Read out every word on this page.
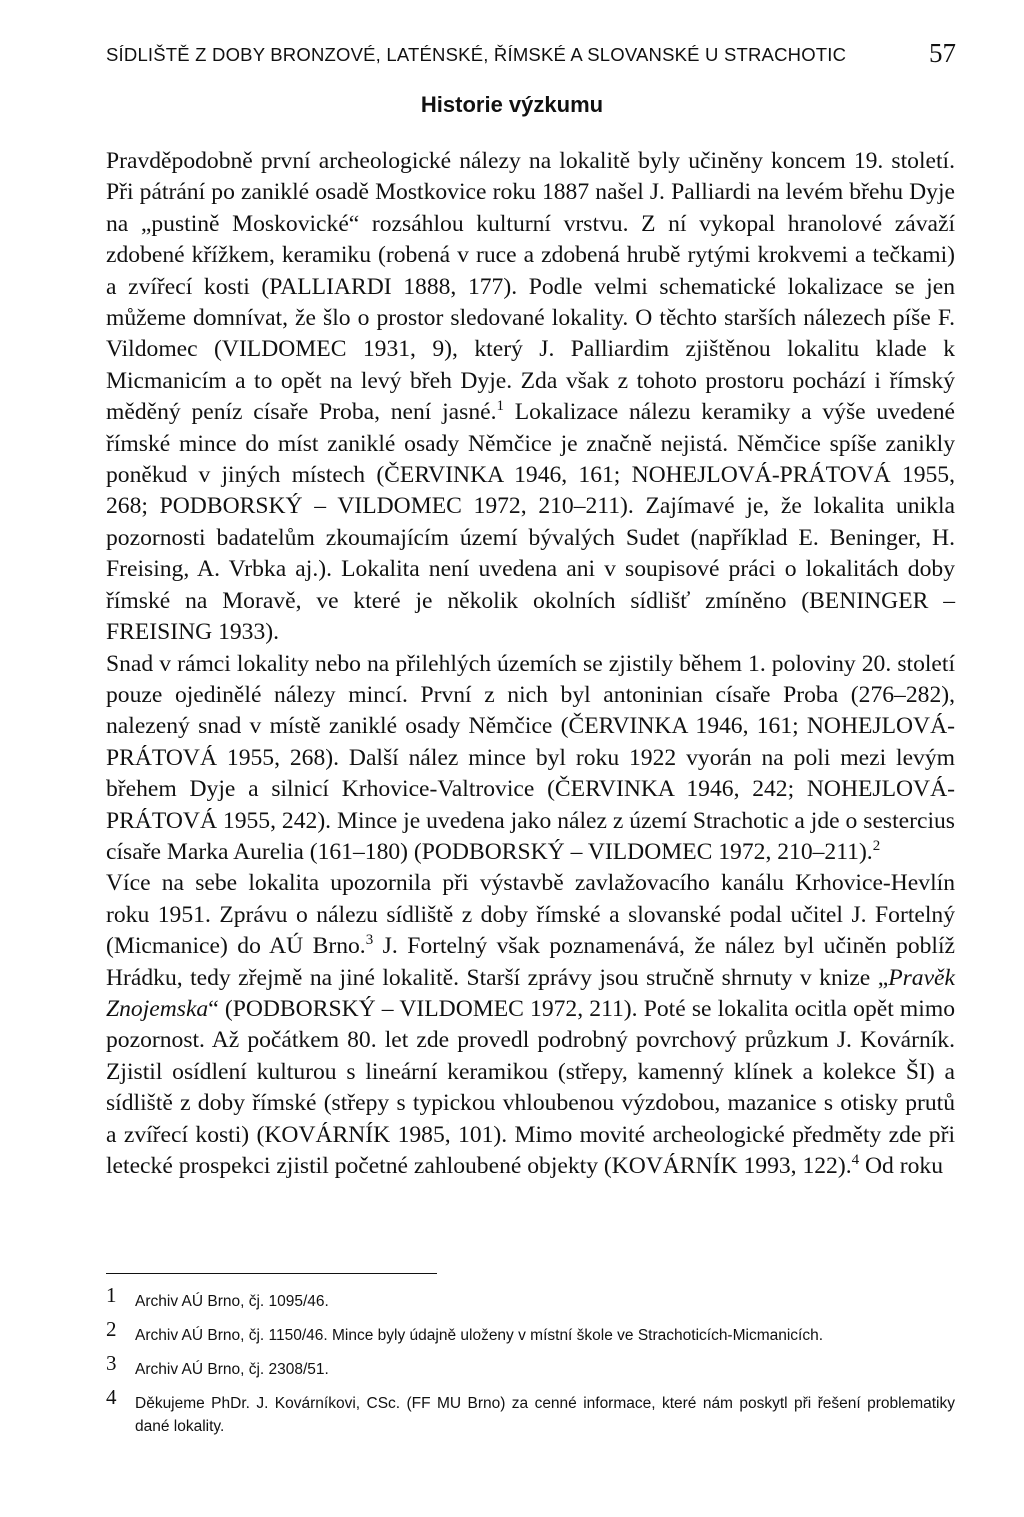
SÍDLIŠTĚ Z DOBY BRONZOVÉ, LATÉNSKÉ, ŘÍMSKÉ A SLOVANSKÉ U STRACHOTIC	57
Historie výzkumu

Pravděpodobně první archeologické nálezy na lokalitě byly učiněny koncem 19. století. Při pátrání po zaniklé osadě Mostkovice roku 1887 našel J. Palliardi na levém břehu Dyje na „pustině Moskovické“ rozsáhlou kulturní vrstvu. Z ní vykopal hranolové závaží zdobené křížkem, keramiku (robená v ruce a zdobená hrubě rytými krokvemi a tečkami) a zvířecí kosti (PALLIARDI 1888, 177). Podle velmi schematické lokalizace se jen můžeme domnívat, že šlo o prostor sledované lokality. O těchto starších nálezech píše F. Vildomec (VILDOMEC 1931, 9), který J. Palliardim zjištěnou lokalitu klade k Micmanicím a to opět na levý břeh Dyje. Zda však z tohoto prostoru pochází i římský měděný peníz císaře Proba, není jasné.$^1$ Lokalizace nálezu keramiky a výše uvedené římské mince do míst zaniklé osady Němčice je značně nejistá. Němčice spíše zanikly poněkud v jiných místech (ČERVINKA 1946, 161; NOHEJLOVÁ-PRÁTOVÁ 1955, 268; PODBORSKÝ – VILDOMEC 1972, 210–211). Zajímavé je, že lokalita unikla pozornosti badatelům zkoumajícím území bývalých Sudet (například E. Beninger, H. Freising, A. Vrbka aj.). Lokalita není uvedena ani v soupisové práci o lokalitách doby římské na Moravě, ve které je několik okolních sídlišť zmíněno (BENINGER – FREISING 1933).

Snad v rámci lokality nebo na přilehlých územích se zjistily během 1. poloviny 20. století pouze ojedinělé nálezy mincí. První z nich byl antoninian císaře Proba (276–282), nalezený snad v místě zaniklé osady Němčice (ČERVINKA 1946, 161; NOHEJLOVÁ-PRÁTOVÁ 1955, 268). Další nález mince byl roku 1922 vyorán na poli mezi levým břehem Dyje a silnicí Krhovice-Valtrovice (ČERVINKA 1946, 242; NOHEJLOVÁ-PRÁTOVÁ 1955, 242). Mince je uvedena jako nález z území Strachotic a jde o sestercius císaře Marka Aurelia (161–180) (PODBORSKÝ – VILDOMEC 1972, 210–211).$^2$

Více na sebe lokalita upozornila při výstavbě zavlažovacího kanálu Krhovice-Hevlín roku 1951. Zprávu o nálezu sídliště z doby římské a slovanské podal učitel J. Fortelný (Micmanice) do AÚ Brno.$^3$ J. Fortelný však poznamenává, že nález byl učiněn poblíž Hrádku, tedy zřejmě na jiné lokalitě. Starší zprávy jsou stručně shrnuty v knize „Pravěk Znojemska“ (PODBORSKÝ – VILDOMEC 1972, 211). Poté se lokalita ocitla opět mimo pozornost. Až počátkem 80. let zde provedl podrobný povrchový průzkum J. Kovárník. Zjistil osídlení kulturou s lineární keramikou (střepy, kamenný klínek a kolekce ŠI) a sídliště z doby římské (střepy s typickou vhloubenou výzdobou, mazanice s otisky prutů a zvířecí kosti) (KOVÁRNÍK 1985, 101). Mimo movité archeologické předměty zde při letecké prospekci zjistil početné zahloubené objekty (KOVÁRNÍK 1993, 122).$^4$ Od roku

1 Archiv AÚ Brno, čj. 1095/46.
2 Archiv AÚ Brno, čj. 1150/46. Mince byly údajně uloženy v místní škole ve Strachoticích-Micmanicích.
3 Archiv AÚ Brno, čj. 2308/51.
4 Děkujeme PhDr. J. Kovárníkovi, CSc. (FF MU Brno) za cenné informace, které nám poskytl při řešení problematiky dané lokality.
